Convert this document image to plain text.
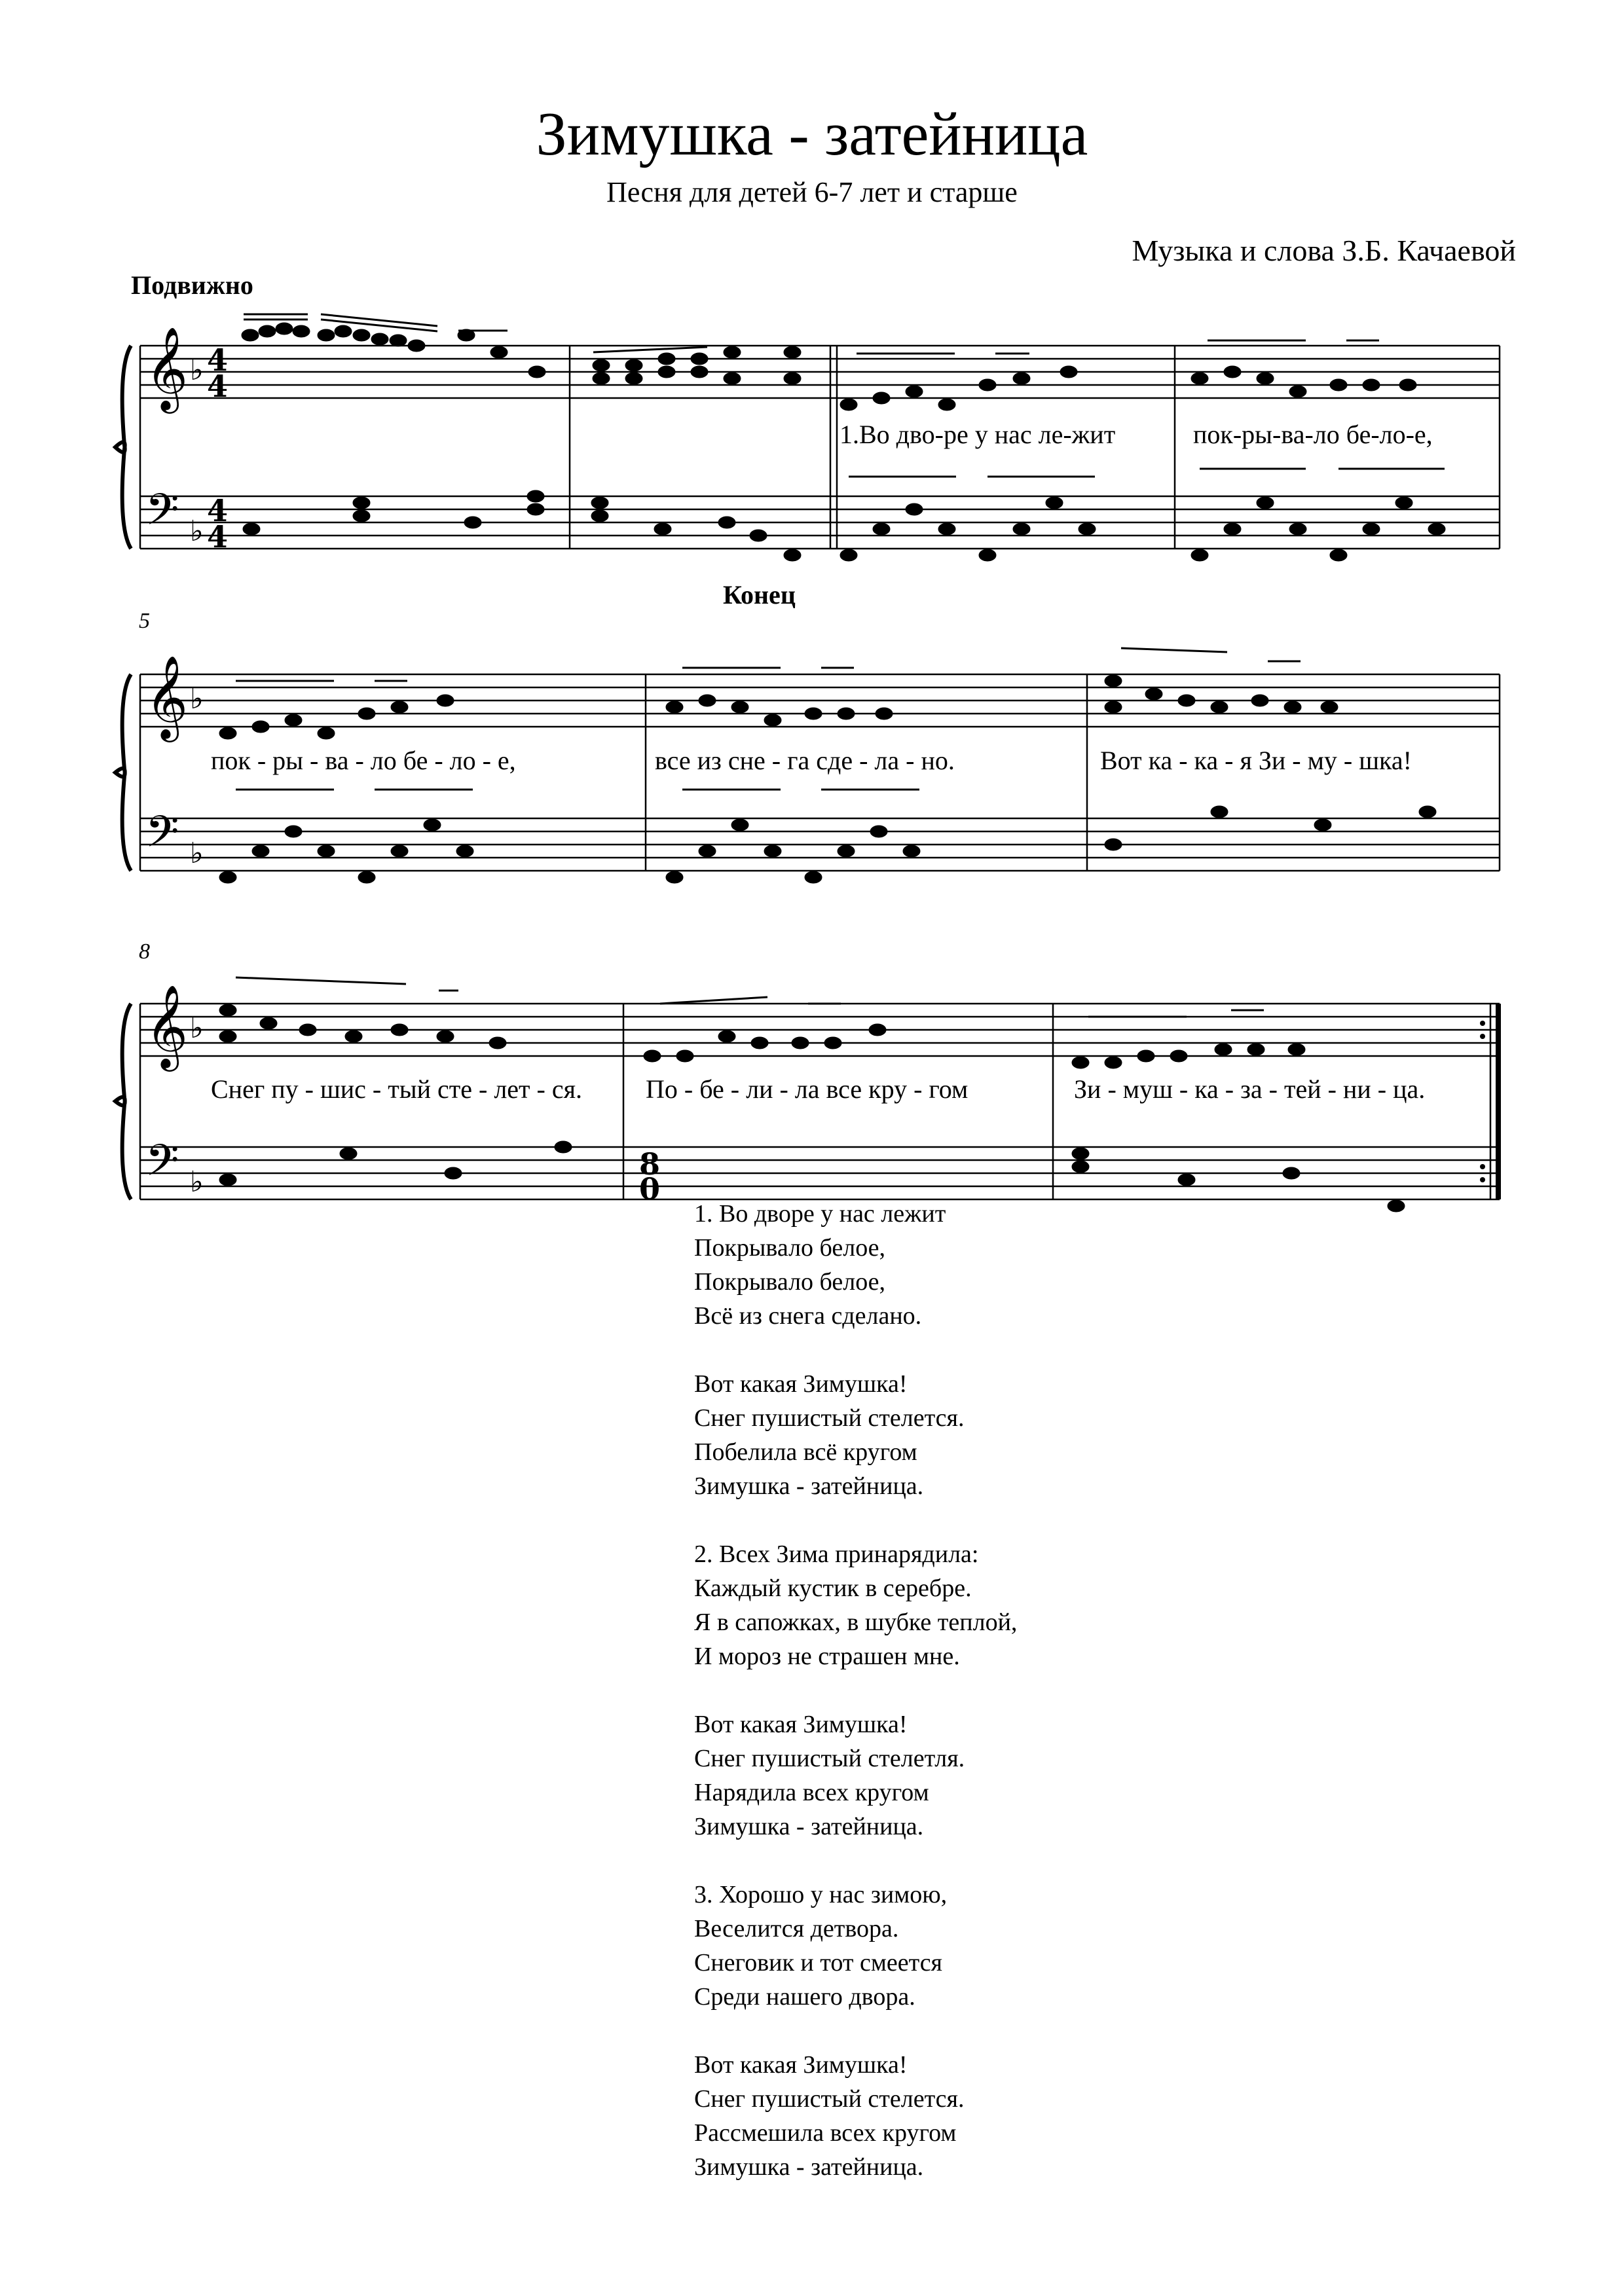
Зимушка - затейница
Песня для детей 6-7 лет и старше
Музыка и слова З.Б. Качаевой
Подвижно
Конец
5
8
1.Во дво-ре у нас ле-жит	пок-ры-ва-ло бе-ло-е,
пок - ры - ва - ло бе - ло - е,	все из сне - га сде - ла - но.	Вот ка - ка - я Зи - му - шка!
Снег пу - шис - тый сте - лет - ся. По - бе - ли - ла все кру - гом	Зи - муш - ка - за - тей - ни - ца.
𝄞
𝄢
𝄞
𝄢
𝄞
𝄢
♭
♭
♭
♭
♭
♭
4
4
4
4
8
0

1. Во дворе у нас лежит
Покрывало белое,
Покрывало белое,
Всё из снега сделано.

Вот какая Зимушка!
Снег пушистый стелется.
Побелила всё кругом
Зимушка - затейница.

2. Всех Зима принарядила:
Каждый кустик в серебре.
Я в сапожках, в шубке теплой,
И мороз не страшен мне.

Вот какая Зимушка!
Снег пушистый стелетля.
Нарядила всех кругом
Зимушка - затейница.

3. Хорошо у нас зимою,
Веселится детвора.
Снеговик и тот смеется
Среди нашего двора.

Вот какая Зимушка!
Снег пушистый стелется.
Рассмешила всех кругом
Зимушка - затейница.
